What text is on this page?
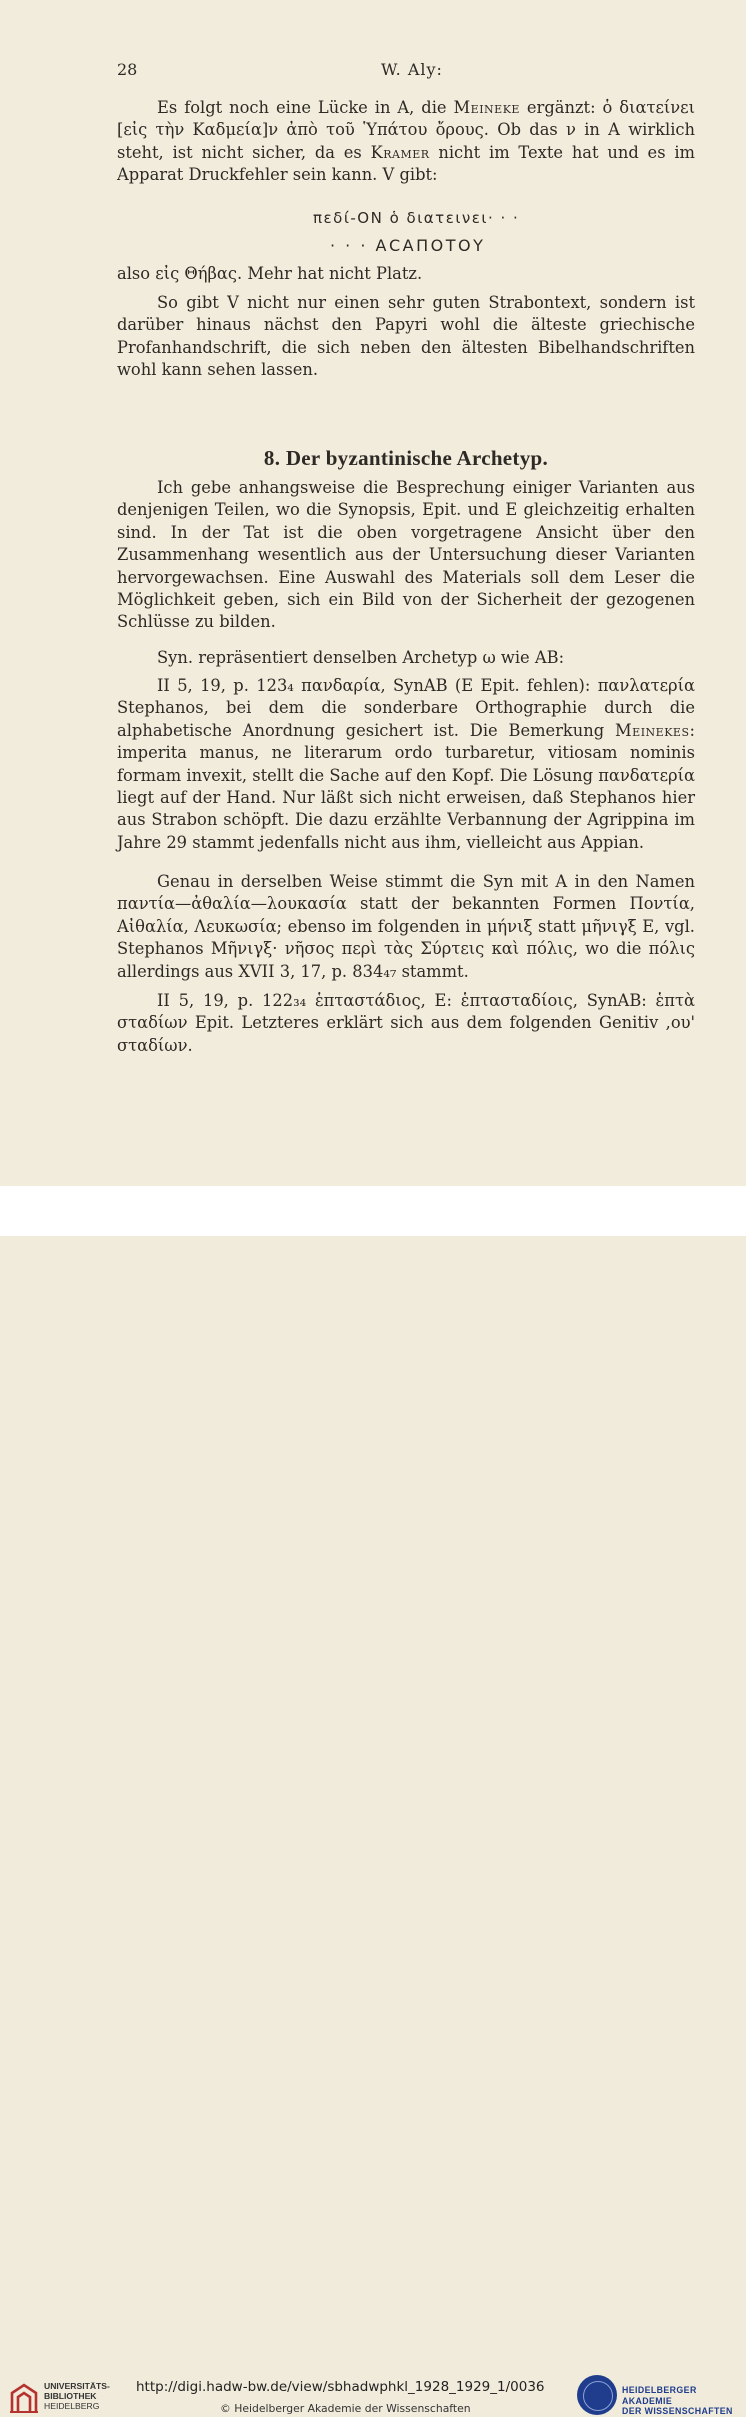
28	W. Aly:

Es folgt noch eine Lücke in A, die Meineke ergänzt: ὁ διατείνει [εἰς τὴν Καδμεία]ν ἀπὸ τοῦ Ὑπάτου ὄρους. Ob das ν in A wirklich steht, ist nicht sicher, da es Kramer nicht im Texte hat und es im Apparat Druckfehler sein kann. V gibt:

πεδί-ΟΝ ὁ διατεινει· · ·
· · · ΑCΑΠΟΤΟΥ

also εἰς Θήβας. Mehr hat nicht Platz.

So gibt V nicht nur einen sehr guten Strabontext, sondern ist darüber hinaus nächst den Papyri wohl die älteste griechische Profanhandschrift, die sich neben den ältesten Bibelhandschriften wohl kann sehen lassen.

8. Der byzantinische Archetyp.

Ich gebe anhangsweise die Besprechung einiger Varianten aus denjenigen Teilen, wo die Synopsis, Epit. und E gleichzeitig erhalten sind. In der Tat ist die oben vorgetragene Ansicht über den Zusammenhang wesentlich aus der Untersuchung dieser Varianten hervorgewachsen. Eine Auswahl des Materials soll dem Leser die Möglichkeit geben, sich ein Bild von der Sicherheit der gezogenen Schlüsse zu bilden.

Syn. repräsentiert denselben Archetyp ω wie AB:

II 5, 19, p. 123₄ πανδαρία, SynAB (E Epit. fehlen): πανλατερία Stephanos, bei dem die sonderbare Orthographie durch die alphabetische Anordnung gesichert ist. Die Bemerkung Meinekes: imperita manus, ne literarum ordo turbaretur, vitiosam nominis formam invexit, stellt die Sache auf den Kopf. Die Lösung πανδατερία liegt auf der Hand. Nur läßt sich nicht erweisen, daß Stephanos hier aus Strabon schöpft. Die dazu erzählte Verbannung der Agrippina im Jahre 29 stammt jedenfalls nicht aus ihm, vielleicht aus Appian.

Genau in derselben Weise stimmt die Syn mit A in den Namen παντία—ἀθαλία—λουκασία statt der bekannten Formen Ποντία, Αἰθαλία, Λευκωσία; ebenso im folgenden in μήνιξ statt μῆνιγξ E, vgl. Stephanos Μῆνιγξ· νῆσος περὶ τὰς Σύρτεις καὶ πόλις, wo die πόλις allerdings aus XVII 3, 17, p. 834₄₇ stammt.

II 5, 19, p. 122₃₄ ἑπταστάδιος, E: ἑπτασταδίοις, SynAB: ἑπτὰ σταδίων Epit. Letzteres erklärt sich aus dem folgenden Genitiv ,ου' σταδίων.

UNIVERSITÄTS-
BIBLIOTHEK
HEIDELBERG
http://digi.hadw-bw.de/view/sbhadwphkl_1928_1929_1/0036
© Heidelberger Akademie der Wissenschaften
HEIDELBERGER AKADEMIE
DER WISSENSCHAFTEN
